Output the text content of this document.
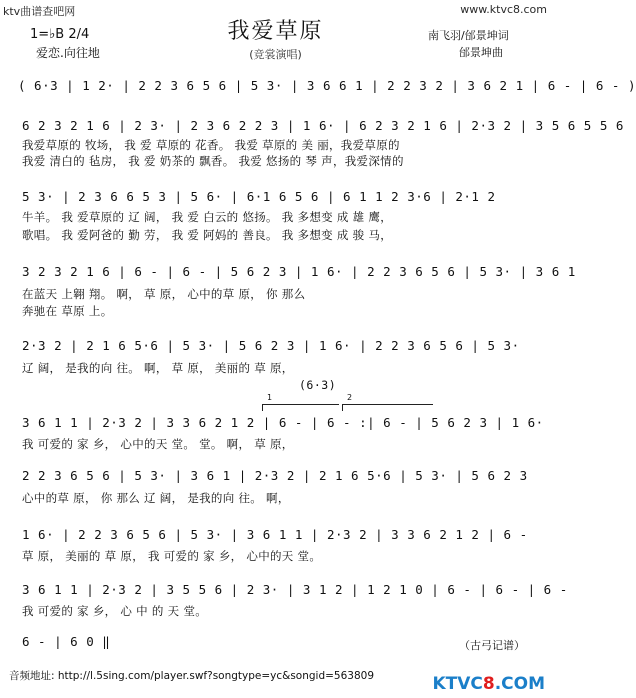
ktv曲谱查吧网	www.ktvc8.com
我爱草原
(竞裳演唱)
1=♭B 2/4
爱恋.向往地
南飞羽/邰景坤词
邰景坤曲
( 6·3 | 1 2· | 2 2 3 6 5 6 | 5 3· | 3 6 6 1 | 2 2 3 2 | 3 6 2 1 | 6 - | 6 - )
6 2 3 2 1 6 | 2 3· | 2 3 6 2 2 3 | 1 6· | 6 2 3 2 1 6 | 2·3 2 | 3 5 6 5 5 6
我爱草原的 牧场， 我 爱 草原的 花香。 我爱 草原的 美 丽，我爱草原的
我爱 清白的 毡房， 我 爱 奶茶的 飘香。 我爱 悠扬的 琴 声，我爱深情的
5 3· | 2 3 6 6 5 3 | 5 6· | 6·1 6 5 6 | 6 1 1 2 3·6 | 2·1 2
牛羊。 我 爱草原的 辽 阔， 我 爱 白云的 悠扬。 我 多想变 成 雄 鹰，
歌唱。 我 爱阿爸的 勤 劳， 我 爱 阿妈的 善良。 我 多想变 成 骏 马，
3 2 3 2 1 6 | 6 - | 6 - | 5 6 2 3 | 1 6· | 2 2 3 6 5 6 | 5 3· | 3 6 1
在蓝天 上翱 翔。 啊， 草 原， 心中的草 原， 你 那么
奔驰在 草原 上。
2·3 2 | 2 1 6 5·6 | 5 3· | 5 6 2 3 | 1 6· | 2 2 3 6 5 6 | 5 3·
辽 阔， 是我的向 往。 啊， 草 原， 美丽的 草 原，
(6·3)
1	2
3 6 1 1 | 2·3 2 | 3 3 6 2 1 2 | 6 - | 6 - :| 6 - | 5 6 2 3 | 1 6·
我 可爱的 家 乡， 心中的天 堂。 堂。 啊， 草 原，
2 2 3 6 5 6 | 5 3· | 3 6 1 | 2·3 2 | 2 1 6 5·6 | 5 3· | 5 6 2 3
心中的草 原， 你 那么 辽 阔， 是我的向 往。 啊，
1 6· | 2 2 3 6 5 6 | 5 3· | 3 6 1 1 | 2·3 2 | 3 3 6 2 1 2 | 6 -
草 原， 美丽的 草 原， 我 可爱的 家 乡， 心中的天 堂。
3 6 1 1 | 2·3 2 | 3 5 5 6 | 2 3· | 3 1 2 | 1 2 1 0 | 6 - | 6 - | 6 -
我 可爱的 家 乡， 心 中 的 天 堂。
6 - | 6 0 ‖	（古弓记谱）
音频地址: http://l.5sing.com/player.swf?songtype=yc&songid=563809	KTVC8.COM
